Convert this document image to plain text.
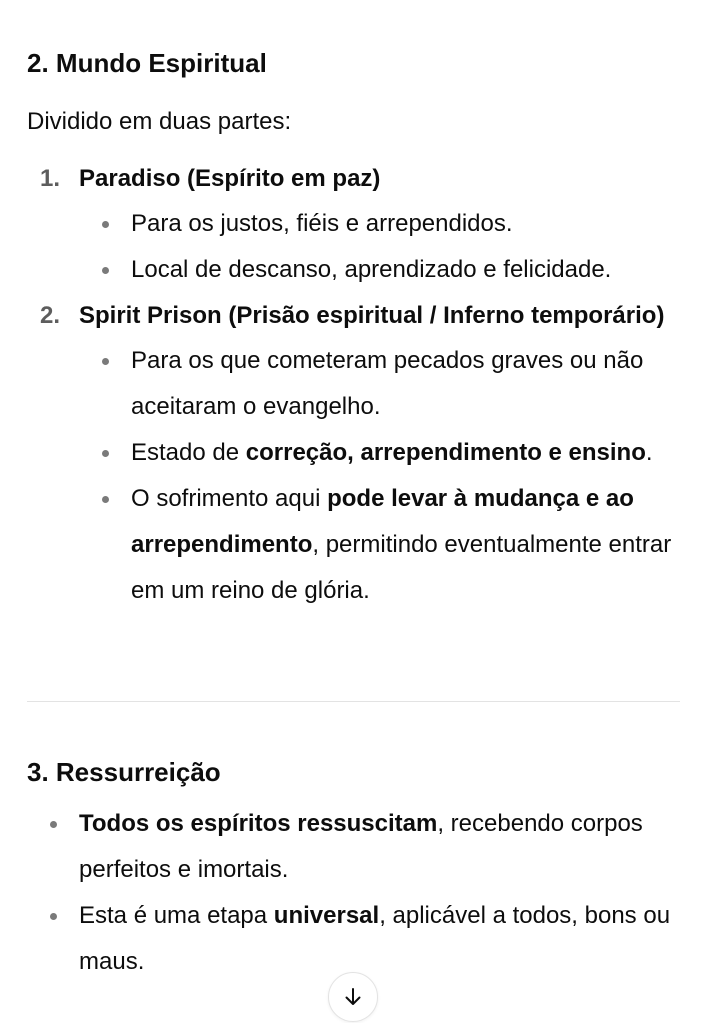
2. Mundo Espiritual

Dividido em duas partes:

1. Paradiso (Espírito em paz)

Para os justos, fiéis e arrependidos.
Local de descanso, aprendizado e felicidade.
2. Spirit Prison (Prisão espiritual / Inferno temporário)

Para os que cometeram pecados graves ou não aceitaram o evangelho.
Estado de correção, arrependimento e ensino.
O sofrimento aqui pode levar à mudança e ao arrependimento, permitindo eventualmente entrar em um reino de glória.
3. Ressurreição
Todos os espíritos ressuscitam, recebendo corpos perfeitos e imortais.
Esta é uma etapa universal, aplicável a todos, bons ou maus.
